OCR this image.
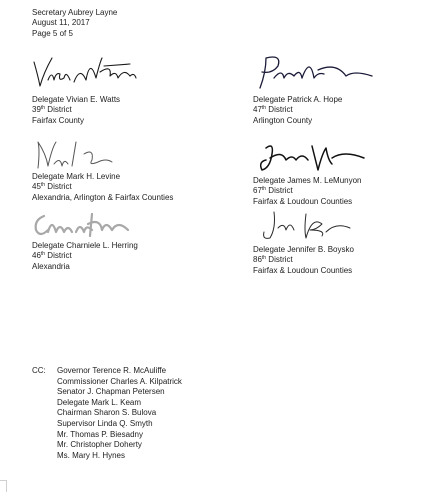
Secretary Aubrey Layne
August 11, 2017
Page 5 of 5
Delegate Vivian E. Watts
39th District
Fairfax County
Delegate Patrick A. Hope
47th District
Arlington County
Delegate Mark H. Levine
45th District
Alexandria, Arlington & Fairfax Counties
Delegate James M. LeMunyon
67th District
Fairfax & Loudoun Counties
Delegate Charniele L. Herring
46th District
Alexandria
Delegate Jennifer B. Boysko
86th District
Fairfax & Loudoun Counties
CC: Governor Terence R. McAuliffe
Commissioner Charles A. Kilpatrick
Senator J. Chapman Petersen
Delegate Mark L. Keam
Chairman Sharon S. Bulova
Supervisor Linda Q. Smyth
Mr. Thomas P. Biesadny
Mr. Christopher Doherty
Ms. Mary H. Hynes
